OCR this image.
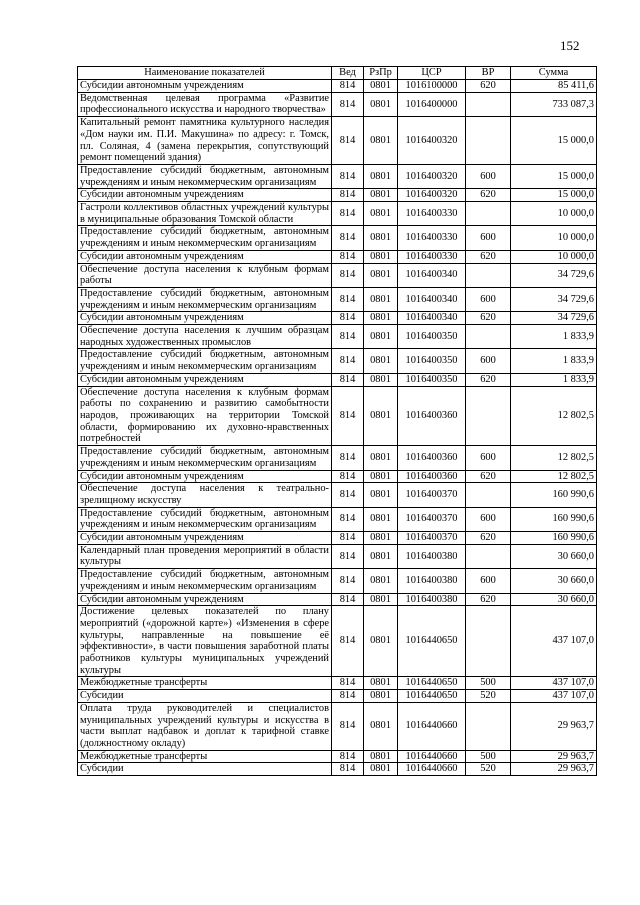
152
Наименование показателей	Вед	РзПр	ЦСР	ВР	Сумма
Субсидии автономным учреждениям	814	0801	1016100000	620	85 411,6
Ведомственная целевая программа «Развитие профессионального искусства и народного творчества»	814	0801	1016400000		733 087,3
Капитальный ремонт памятника культурного наследия «Дом науки им. П.И. Макушина» по адресу: г. Томск, пл. Соляная, 4 (замена перекрытия, сопутствующий ремонт помещений здания)	814	0801	1016400320		15 000,0
Предоставление субсидий бюджетным, автономным учреждениям и иным некоммерческим организациям	814	0801	1016400320	600	15 000,0
Субсидии автономным учреждениям	814	0801	1016400320	620	15 000,0
Гастроли коллективов областных учреждений культуры в муниципальные образования Томской области	814	0801	1016400330		10 000,0
Предоставление субсидий бюджетным, автономным учреждениям и иным некоммерческим организациям	814	0801	1016400330	600	10 000,0
Субсидии автономным учреждениям	814	0801	1016400330	620	10 000,0
Обеспечение доступа населения к клубным формам работы	814	0801	1016400340		34 729,6
Предоставление субсидий бюджетным, автономным учреждениям и иным некоммерческим организациям	814	0801	1016400340	600	34 729,6
Субсидии автономным учреждениям	814	0801	1016400340	620	34 729,6
Обеспечение доступа населения к лучшим образцам народных художественных промыслов	814	0801	1016400350		1 833,9
Предоставление субсидий бюджетным, автономным учреждениям и иным некоммерческим организациям	814	0801	1016400350	600	1 833,9
Субсидии автономным учреждениям	814	0801	1016400350	620	1 833,9
Обеспечение доступа населения к клубным формам работы по сохранению и развитию самобытности народов, проживающих на территории Томской области, формированию их духовно-нравственных потребностей	814	0801	1016400360		12 802,5
Предоставление субсидий бюджетным, автономным учреждениям и иным некоммерческим организациям	814	0801	1016400360	600	12 802,5
Субсидии автономным учреждениям	814	0801	1016400360	620	12 802,5
Обеспечение доступа населения к театрально-зрелищному искусству	814	0801	1016400370		160 990,6
Предоставление субсидий бюджетным, автономным учреждениям и иным некоммерческим организациям	814	0801	1016400370	600	160 990,6
Субсидии автономным учреждениям	814	0801	1016400370	620	160 990,6
Календарный план проведения мероприятий в области культуры	814	0801	1016400380		30 660,0
Предоставление субсидий бюджетным, автономным учреждениям и иным некоммерческим организациям	814	0801	1016400380	600	30 660,0
Субсидии автономным учреждениям	814	0801	1016400380	620	30 660,0
Достижение целевых показателей по плану мероприятий («дорожной карте») «Изменения в сфере культуры, направленные на повышение её эффективности», в части повышения заработной платы работников культуры муниципальных учреждений культуры	814	0801	1016440650		437 107,0
Межбюджетные трансферты	814	0801	1016440650	500	437 107,0
Субсидии	814	0801	1016440650	520	437 107,0
Оплата труда руководителей и специалистов муниципальных учреждений культуры и искусства в части выплат надбавок и доплат к тарифной ставке (должностному окладу)	814	0801	1016440660		29 963,7
Межбюджетные трансферты	814	0801	1016440660	500	29 963,7
Субсидии	814	0801	1016440660	520	29 963,7
